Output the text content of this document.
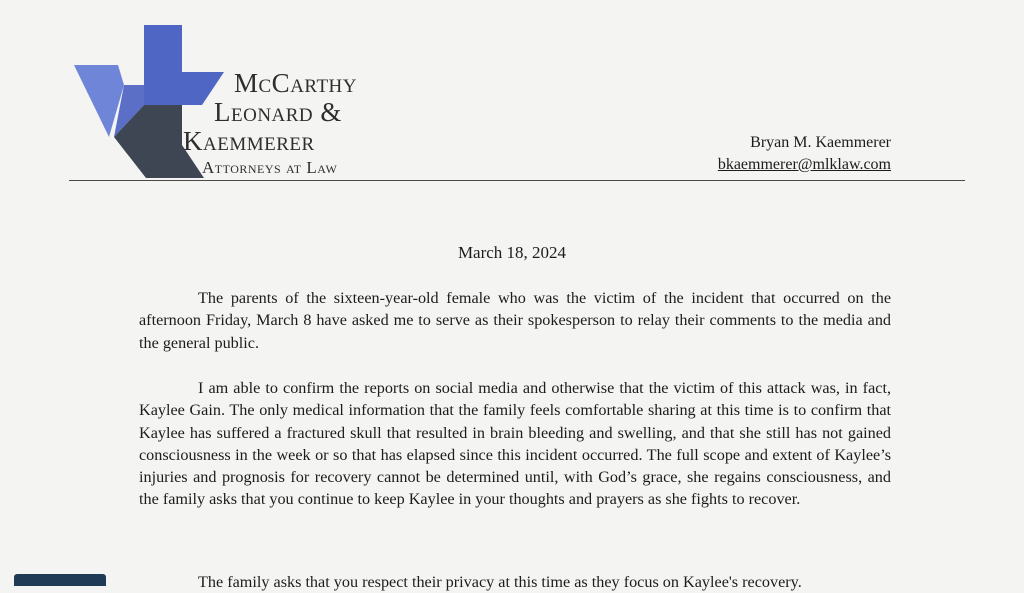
McCarthy
Leonard &
Kaemmerer
Attorneys at Law
Bryan M. Kaemmerer
bkaemmerer@mlklaw.com
March 18, 2024

The parents of the sixteen-year-old female who was the victim of the incident that occurred on the afternoon Friday, March 8 have asked me to serve as their spokesperson to relay their comments to the media and the general public.

I am able to confirm the reports on social media and otherwise that the victim of this attack was, in fact, Kaylee Gain. The only medical information that the family feels comfortable sharing at this time is to confirm that Kaylee has suffered a fractured skull that resulted in brain bleeding and swelling, and that she still has not gained consciousness in the week or so that has elapsed since this incident occurred. The full scope and extent of Kaylee’s injuries and prognosis for recovery cannot be determined until, with God’s grace, she regains consciousness, and the family asks that you continue to keep Kaylee in your thoughts and prayers as she fights to recover.

The family asks that you respect their privacy at this time as they focus on Kaylee's recovery.
